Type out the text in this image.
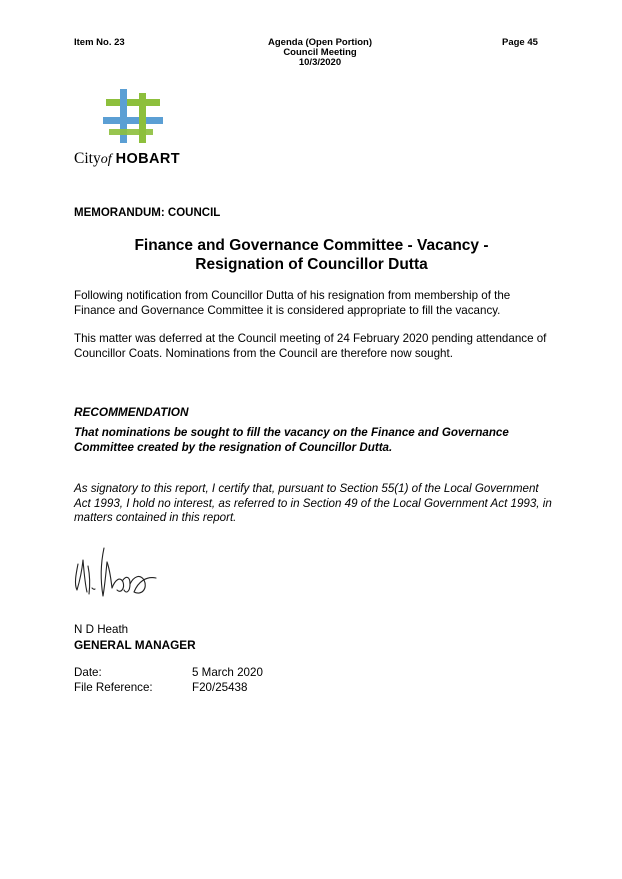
Item No. 23	Agenda (Open Portion)
Council Meeting
10/3/2020
Page 45
Cityof HOBART
MEMORANDUM: COUNCIL
Finance and Governance Committee - Vacancy -
Resignation of Councillor Dutta
Following notification from Councillor Dutta of his resignation from membership of the Finance and Governance Committee it is considered appropriate to fill the vacancy.
This matter was deferred at the Council meeting of 24 February 2020 pending attendance of Councillor Coats. Nominations from the Council are therefore now sought.
RECOMMENDATION
That nominations be sought to fill the vacancy on the Finance and Governance Committee created by the resignation of Councillor Dutta.
As signatory to this report, I certify that, pursuant to Section 55(1) of the Local Government Act 1993, I hold no interest, as referred to in Section 49 of the Local Government Act 1993, in matters contained in this report.
N D Heath
GENERAL MANAGER
Date:	5 March 2020
File Reference:	F20/25438
